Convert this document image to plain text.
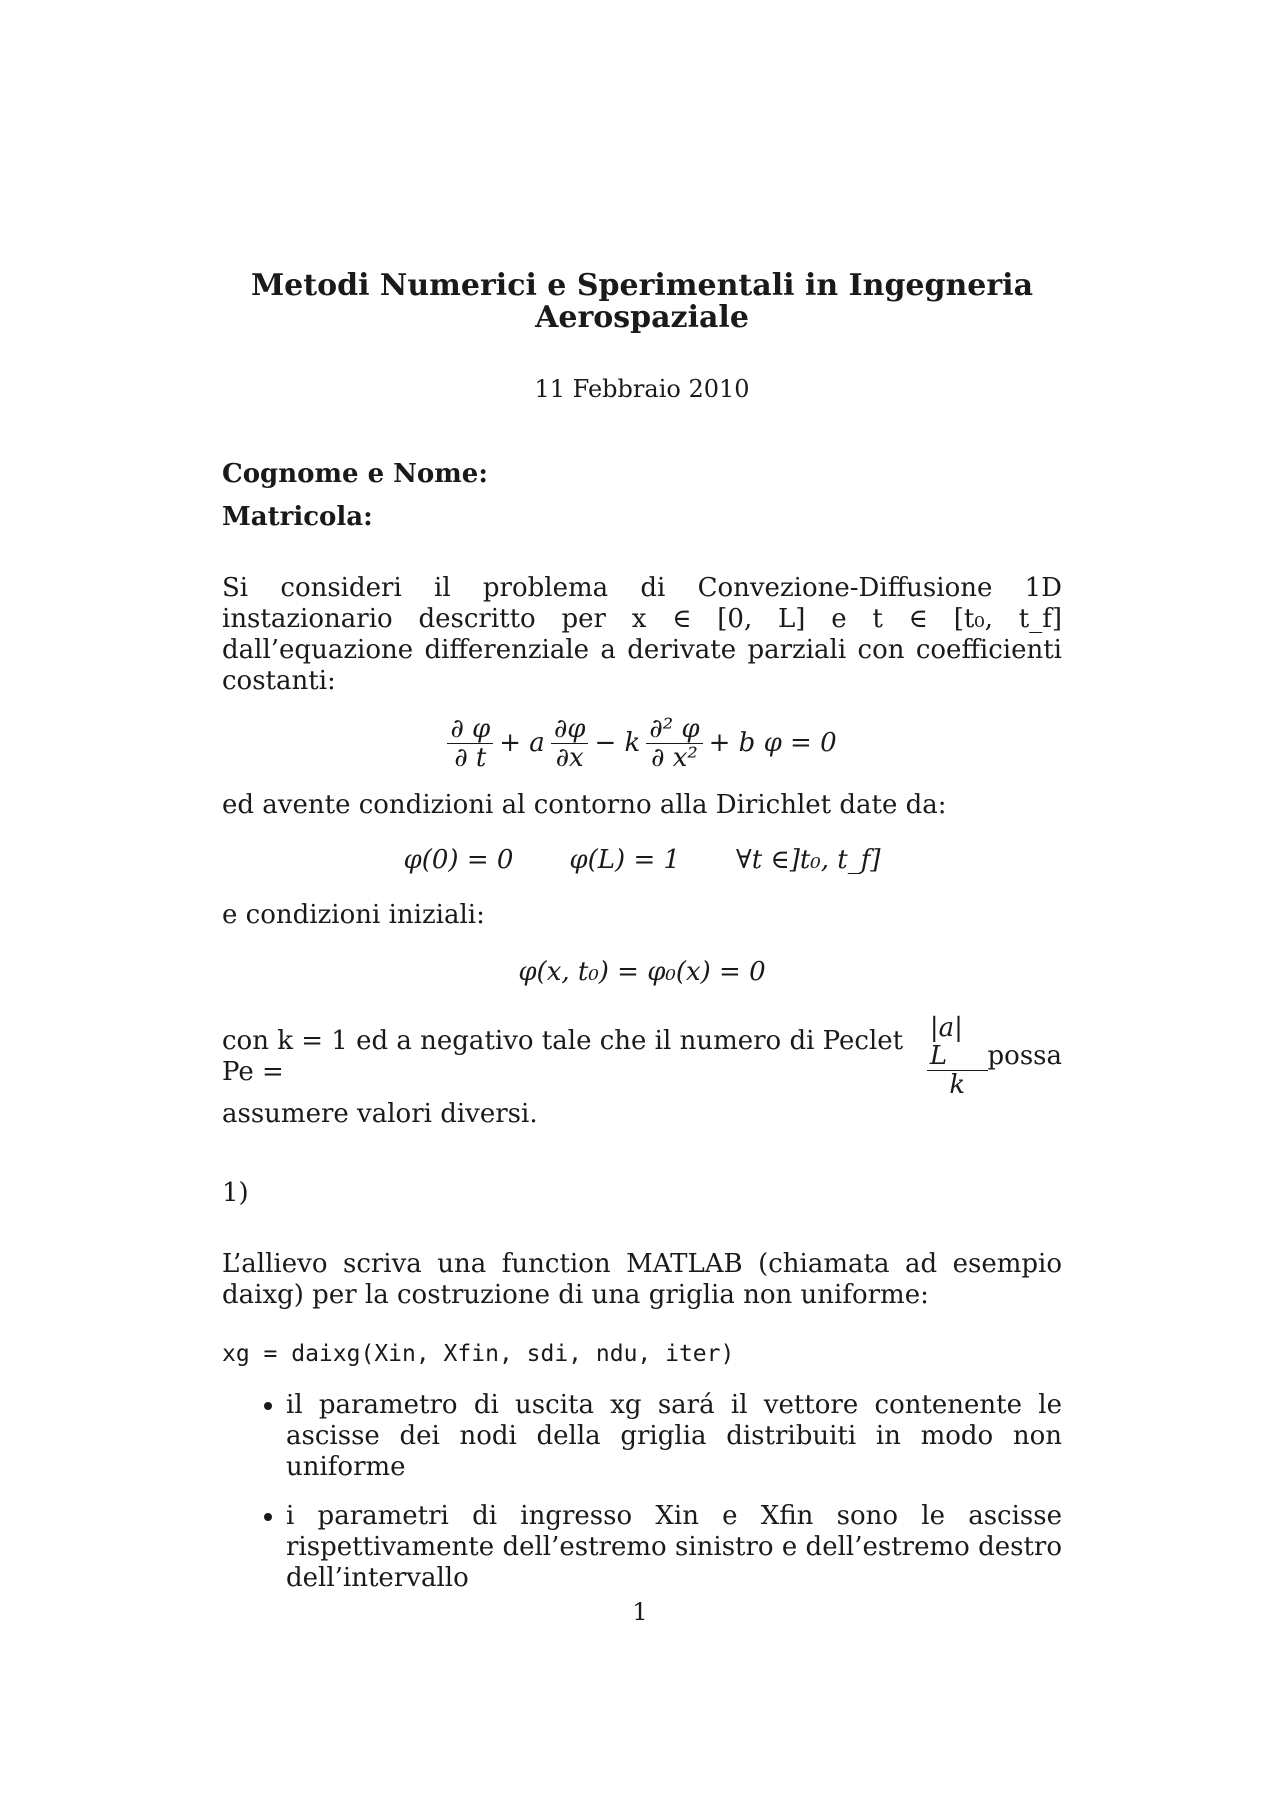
Metodi Numerici e Sperimentali in Ingegneria
Aerospaziale

11 Febbraio 2010
Cognome e Nome:
Matricola:
Si consideri il problema di Convezione-Diffusione 1D instazionario descritto per x ∈ [0, L] e t ∈ [t₀, t_f] dall’equazione differenziale a derivate parziali con coefficienti costanti:
$\frac{\partial \varphi}{\partial t} + a \frac{\partial\varphi}{\partial x} - k \frac{\text{∂² φ}}{\text{∂ x²}} + b$ φ = 0
ed avente condizioni al contorno alla Dirichlet date da:
φ(0) = 0 φ(L) = 1 ∀t ∈]t₀, t_f]
e condizioni iniziali:
φ(x, t₀) = φ₀(x) = 0
con k = 1 ed a negativo tale che il numero di Peclet Pe =	$\frac{|a| L}{k}$ possa
assumere valori diversi.
1)
L’allievo scriva una function MATLAB (chiamata ad esempio daixg) per la costruzione di una griglia non uniforme:
xg = daixg(Xin, Xfin, sdi, ndu, iter)
• il parametro di uscita xg sará il vettore contenente le ascisse dei nodi della griglia distribuiti in modo non uniforme
• i parametri di ingresso Xin e Xfin sono le ascisse rispettivamente dell’estremo sinistro e dell’estremo destro dell’intervallo
1
